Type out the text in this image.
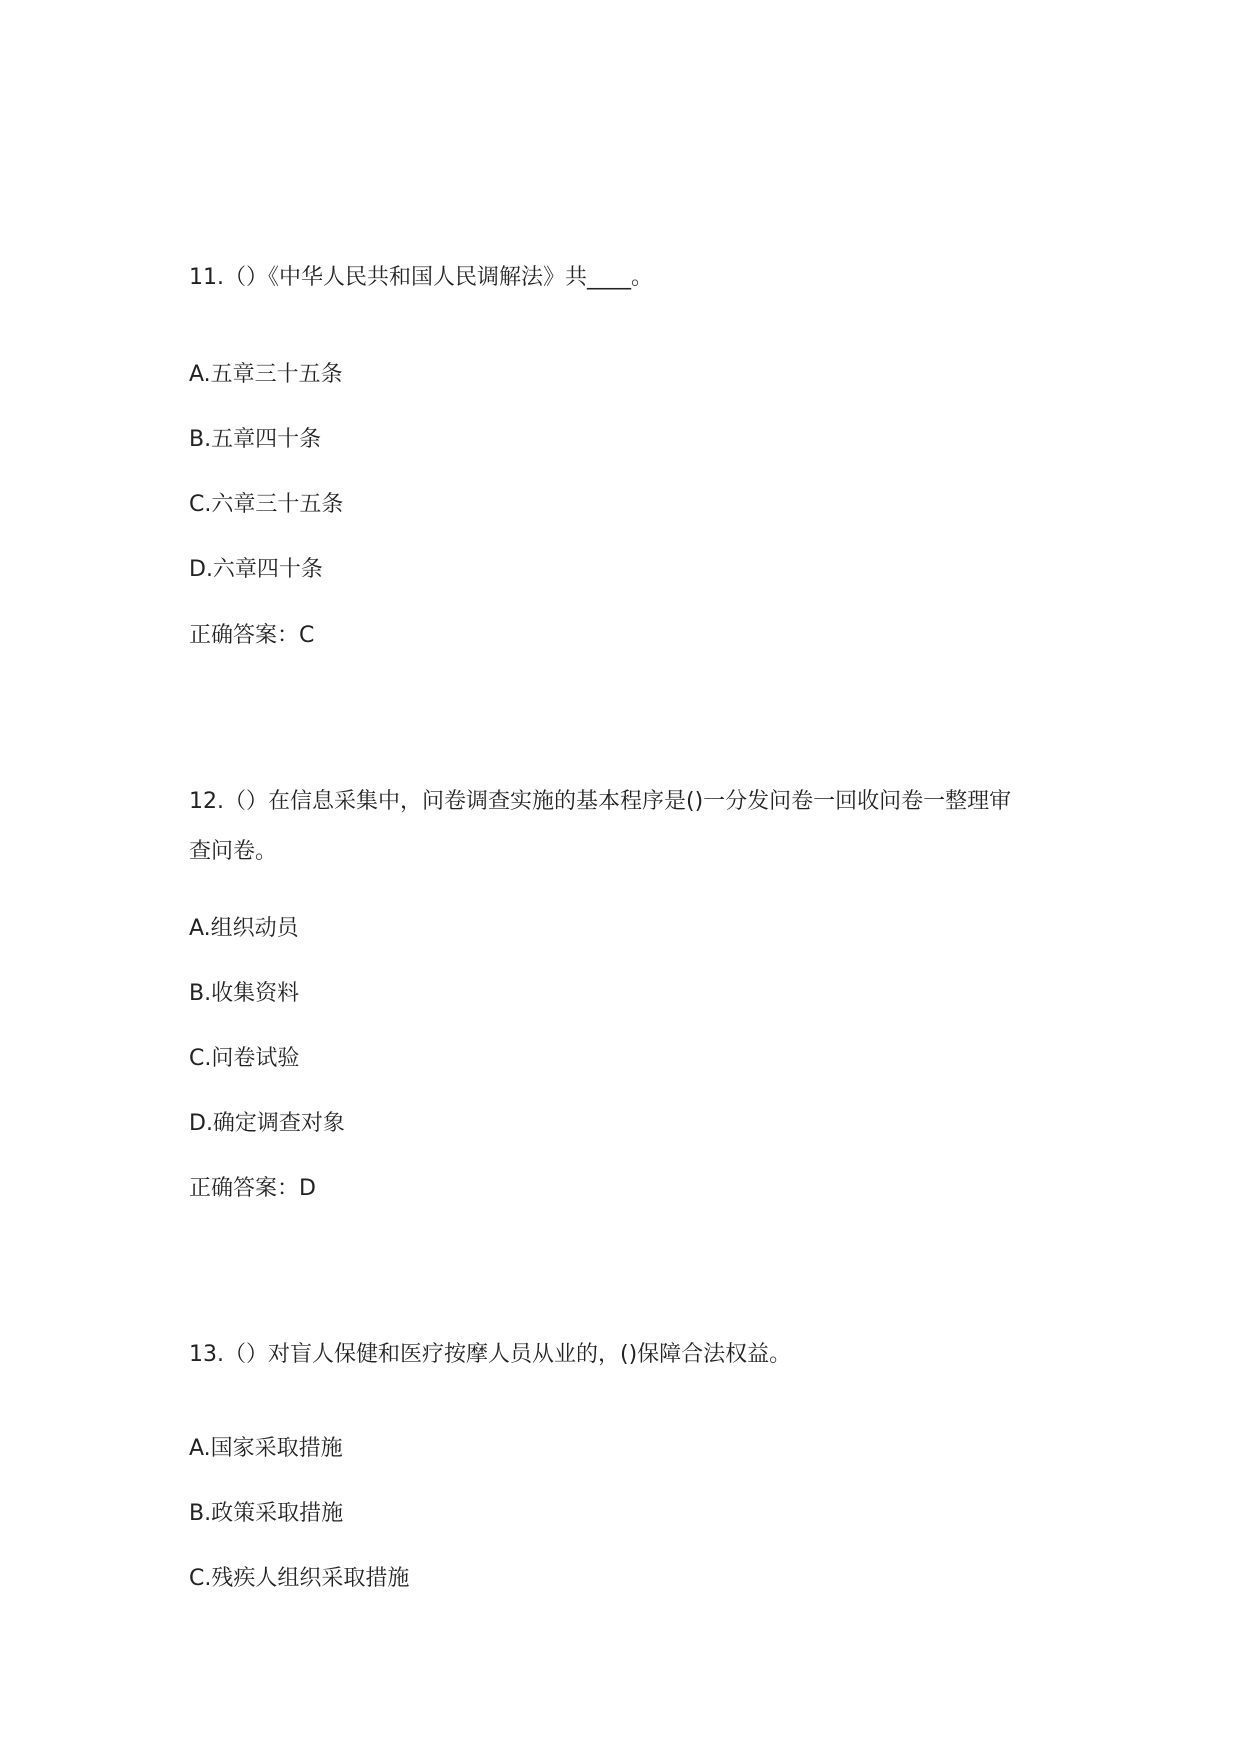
11.（）《中华人民共和国人民调解法》共____。

A.五章三十五条

B.五章四十条

C.六章三十五条

D.六章四十条

正确答案：C

12.（）在信息采集中，问卷调查实施的基本程序是()一分发问卷一回收问卷一整理审

查问卷。

A.组织动员

B.收集资料

C.问卷试验

D.确定调查对象

正确答案：D

13.（）对盲人保健和医疗按摩人员从业的，()保障合法权益。

A.国家采取措施

B.政策采取措施

C.残疾人组织采取措施
